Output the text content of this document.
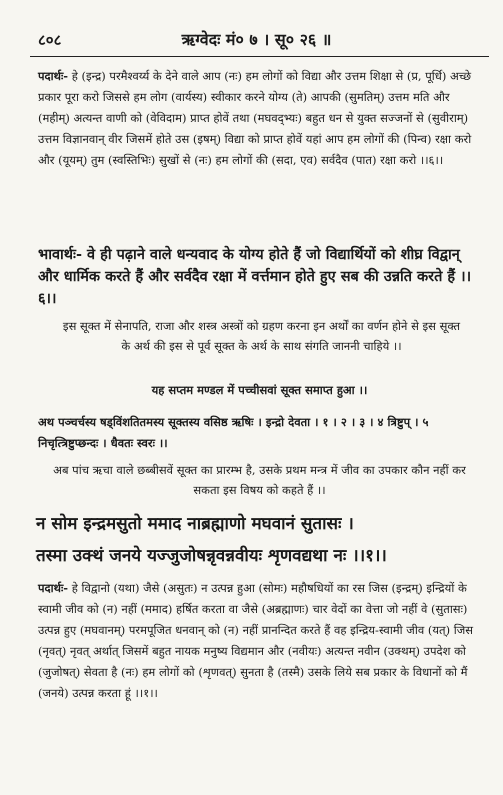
८०८	ऋग्वेदः मं० ७ । सू० २६ ॥

पदार्थः- हे (इन्द्र) परमैश्वर्य्य के देने वाले आप (नः) हम लोगों को विद्या और उत्तम शिक्षा से (प्र, पूर्धि) अच्छे प्रकार पूरा करो जिससे हम लोग (वार्यस्य) स्वीकार करने योग्य (ते) आपकी (सुमतिम्) उत्तम मति और (महीम्) अत्यन्त वाणी को (वेविदाम) प्राप्त होवें तथा (मघवद्भ्यः) बहुत धन से युक्त सज्जनों से (सुवीराम्) उत्तम विज्ञानवान् वीर जिसमें होते उस (इषम्) विद्या को प्राप्त होवें यहां आप हम लोगों की (पिन्व) रक्षा करो और (यूयम्) तुम (स्वस्तिभिः) सुखों से (नः) हम लोगों की (सदा, एव) सर्वदैव (पात) रक्षा करो ।।६।।

भावार्थः- वे ही पढ़ाने वाले धन्यवाद के योग्य होते हैं जो विद्यार्थियों को शीघ्र विद्वान् और धार्मिक करते हैं और सर्वदैव रक्षा में वर्त्तमान होते हुए सब की उन्नति करते हैं ।।६।।

इस सूक्त में सेनापति, राजा और शस्त्र अस्त्रों को ग्रहण करना इन अर्थों का वर्णन होने से इस सूक्त के अर्थ की इस से पूर्व सूक्त के अर्थ के साथ संगति जाननी चाहिये ।।

यह सप्तम मण्डल में पच्चीसवां सूक्त समाप्त हुआ ।।

अथ पञ्चर्चस्य षड्विंशतितमस्य सूक्तस्य वसिष्ठ ऋषिः । इन्द्रो देवता । १ । २ । ३ । ४ त्रिष्टुप् । ५ निचृत्त्रिष्टुप्छन्दः । धैवतः स्वरः ।।

अब पांच ऋचा वाले छब्बीसवें सूक्त का प्रारम्भ है, उसके प्रथम मन्त्र में जीव का उपकार कौन नहीं कर सकता इस विषय को कहते हैं ।।

न सोम इन्द्रमसुतो ममाद नाब्रह्माणो मघवानं सुतासः ।

तस्मा उक्थं जनये यज्जुजोषन्नृवन्नवीयः शृणवद्यथा नः ।।१।।

पदार्थः- हे विद्वानो (यथा) जैसे (असुतः) न उत्पन्न हुआ (सोमः) महौषधियों का रस जिस (इन्द्रम्) इन्द्रियों के स्वामी जीव को (न) नहीं (ममाद) हर्षित करता वा जैसे (अब्रह्माणः) चार वेदों का वेत्ता जो नहीं वे (सुतासः) उत्पन्न हुए (मघवानम्) परमपूजित धनवान् को (न) नहीं प्रानन्दित करते हैं वह इन्द्रिय-स्वामी जीव (यत्) जिस (नृवत्) नृवत् अर्थात् जिसमें बहुत नायक मनुष्य विद्यमान और (नवीयः) अत्यन्त नवीन (उक्थम्) उपदेश को (जुजोषत्) सेवता है (नः) हम लोगों को (शृणवत्) सुनता है (तस्मै) उसके लिये सब प्रकार के विधानों को मैं (जनये) उत्पन्न करता हूं ।।१।।
